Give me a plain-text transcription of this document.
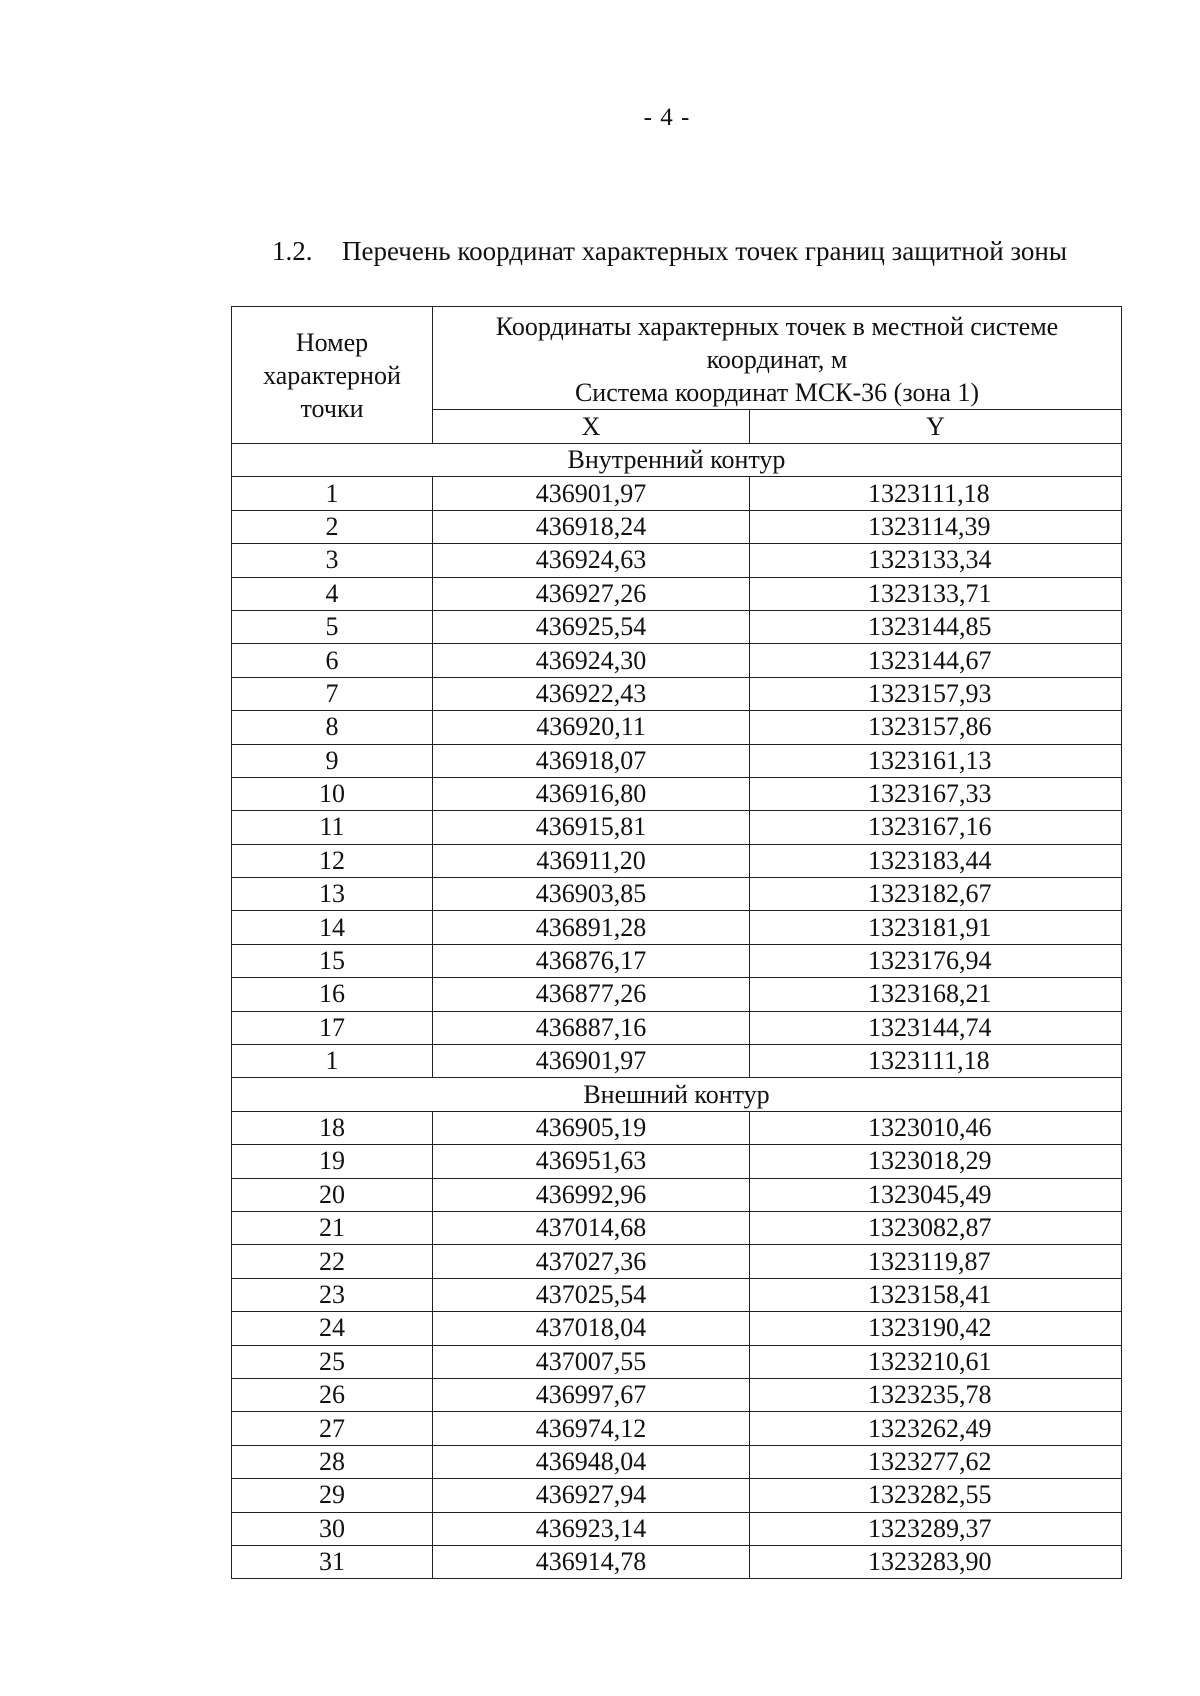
- 4 -
1.2. Перечень координат характерных точек границ защитной зоны
Номер
характерной
точки	Координаты характерных точек в местной системе
координат, м
Система координат МСК-36 (зона 1)	

	X	Y
Внутренний контур		
1	436901,97	1323111,18
2	436918,24	1323114,39
3	436924,63	1323133,34
4	436927,26	1323133,71
5	436925,54	1323144,85
6	436924,30	1323144,67
7	436922,43	1323157,93
8	436920,11	1323157,86
9	436918,07	1323161,13
10	436916,80	1323167,33
11	436915,81	1323167,16
12	436911,20	1323183,44
13	436903,85	1323182,67
14	436891,28	1323181,91
15	436876,17	1323176,94
16	436877,26	1323168,21
17	436887,16	1323144,74
1	436901,97	1323111,18
Внешний контур		
18	436905,19	1323010,46
19	436951,63	1323018,29
20	436992,96	1323045,49
21	437014,68	1323082,87
22	437027,36	1323119,87
23	437025,54	1323158,41
24	437018,04	1323190,42
25	437007,55	1323210,61
26	436997,67	1323235,78
27	436974,12	1323262,49
28	436948,04	1323277,62
29	436927,94	1323282,55
30	436923,14	1323289,37
31	436914,78	1323283,90
